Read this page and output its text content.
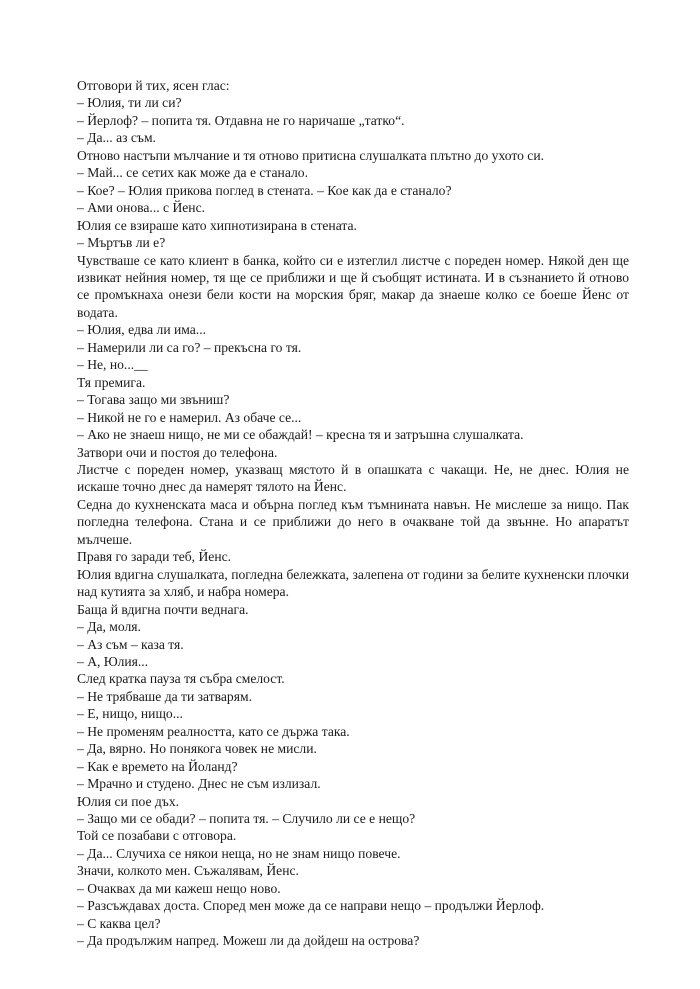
Отговори й тих, ясен глас:

– Юлия, ти ли си?

– Йерлоф? – попита тя. Отдавна не го наричаше „татко“.

– Да... аз съм.

Отново настъпи мълчание и тя отново притисна слушалката плътно до ухото си.

– Май... се сетих как може да е станало.

– Кое? – Юлия прикова поглед в стената. – Кое как да е станало?

– Ами онова... с Йенс.

Юлия се взираше като хипнотизирана в стената.

– Мъртъв ли е?

Чувстваше се като клиент в банка, който си е изтеглил листче с пореден номер. Някой ден ще извикат нейния номер, тя ще се приближи и ще й съобщят истината. И в съзнанието й отново се промъкнаха онези бели кости на морския бряг, макар да знаеше колко се боеше Йенс от водата.

– Юлия, едва ли има...

– Намерили ли са го? – прекъсна го тя.

– Не, но...__

Тя премига.

– Тогава защо ми звъниш?

– Никой не го е намерил. Аз обаче се...

– Ако не знаеш нищо, не ми се обаждай! – кресна тя и затръшна слушалката.

Затвори очи и постоя до телефона.

Листче с пореден номер, указващ мястото й в опашката с чакащи. Не, не днес. Юлия не искаше точно днес да намерят тялото на Йенс.

Седна до кухненската маса и обърна поглед към тъмнината навън. Не мислеше за нищо. Пак погледна телефона. Стана и се приближи до него в очакване той да звънне. Но апаратът мълчеше.

Правя го заради теб, Йенс.

Юлия вдигна слушалката, погледна бележката, залепена от години за белите кухненски плочки над кутията за хляб, и набра номера.

Баща й вдигна почти веднага.

– Да, моля.

– Аз съм – каза тя.

– А, Юлия...

След кратка пауза тя събра смелост.

– Не трябваше да ти затварям.

– Е, нищо, нищо...

– Не променям реалността, като се държа така.

– Да, вярно. Но понякога човек не мисли.

– Как е времето на Йоланд?

– Мрачно и студено. Днес не съм излизал.

Юлия си пое дъх.

– Защо ми се обади? – попита тя. – Случило ли се е нещо?

Той се позабави с отговора.

– Да... Случиха се някои неща, но не знам нищо повече.

Значи, колкото мен. Съжалявам, Йенс.

– Очаквах да ми кажеш нещо ново.

– Разсъждавах доста. Според мен може да се направи нещо – продължи Йерлоф.

– С каква цел?

– Да продължим напред. Можеш ли да дойдеш на острова?
